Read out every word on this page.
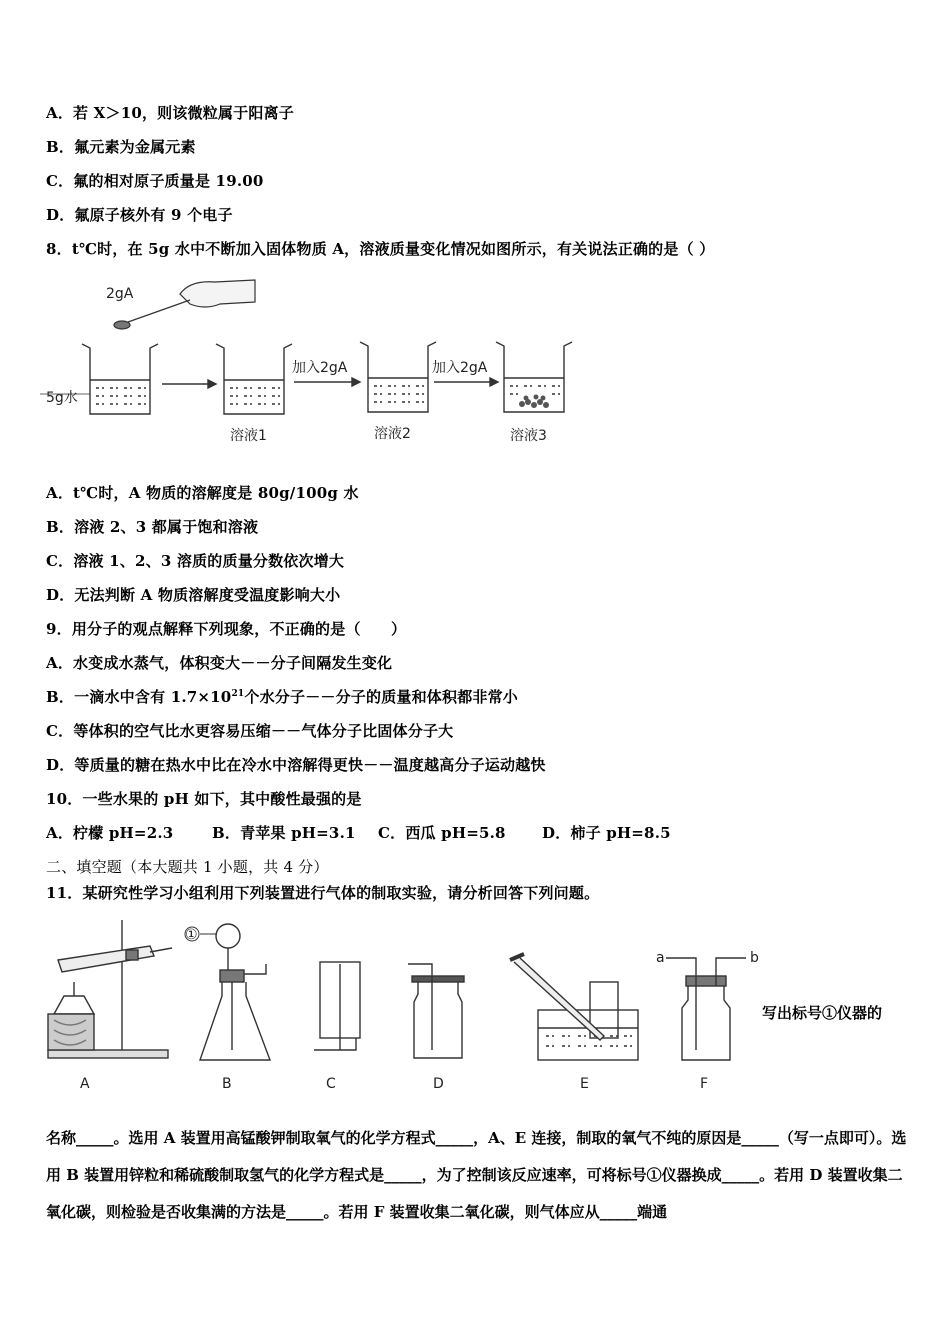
A．若 X＞10，则该微粒属于阳离子
B．氟元素为金属元素
C．氟的相对原子质量是 19.00
D．氟原子核外有 9 个电子
8．t℃时，在 5g 水中不断加入固体物质 A，溶液质量变化情况如图所示，有关说法正确的是（ ）
2gA
5g水
溶液1
加入2gA
溶液2
加入2gA
溶液3
A．t℃时，A 物质的溶解度是 80g/100g 水
B．溶液 2、3 都属于饱和溶液
C．溶液 1、2、3 溶质的质量分数依次增大
D．无法判断 A 物质溶解度受温度影响大小
9．用分子的观点解释下列现象，不正确的是（　　）
A．水变成水蒸气，体积变大－－分子间隔发生变化
B．一滴水中含有 $1.7\times 10^{21}$个水分子－－分子的质量和体积都非常小
C．等体积的空气比水更容易压缩－－气体分子比固体分子大
D．等质量的糖在热水中比在冷水中溶解得更快－－温度越高分子运动越快
10．一些水果的 pH 如下，其中酸性最强的是
A．柠檬 pH=2.3	B．青苹果 pH=3.1 C．西瓜 pH=5.8 D．柿子 pH=8.5
二、填空题（本大题共 1 小题，共 4 分）
11．某研究性学习小组利用下列装置进行气体的制取实验，请分析回答下列问题。
A
①
B	C	D	E
a	b
F
写出标号①仪器的
名称_____。选用 A 装置用高锰酸钾制取氧气的化学方程式_____，A、E 连接，制取的氧气不纯的原因是_____（写一点即可）。选用 B 装置用锌粒和稀硫酸制取氢气的化学方程式是_____，为了控制该反应速率，可将标号①仪器换成_____。若用 D 装置收集二氧化碳，则检验是否收集满的方法是_____。若用 F 装置收集二氧化碳，则气体应从_____端通
